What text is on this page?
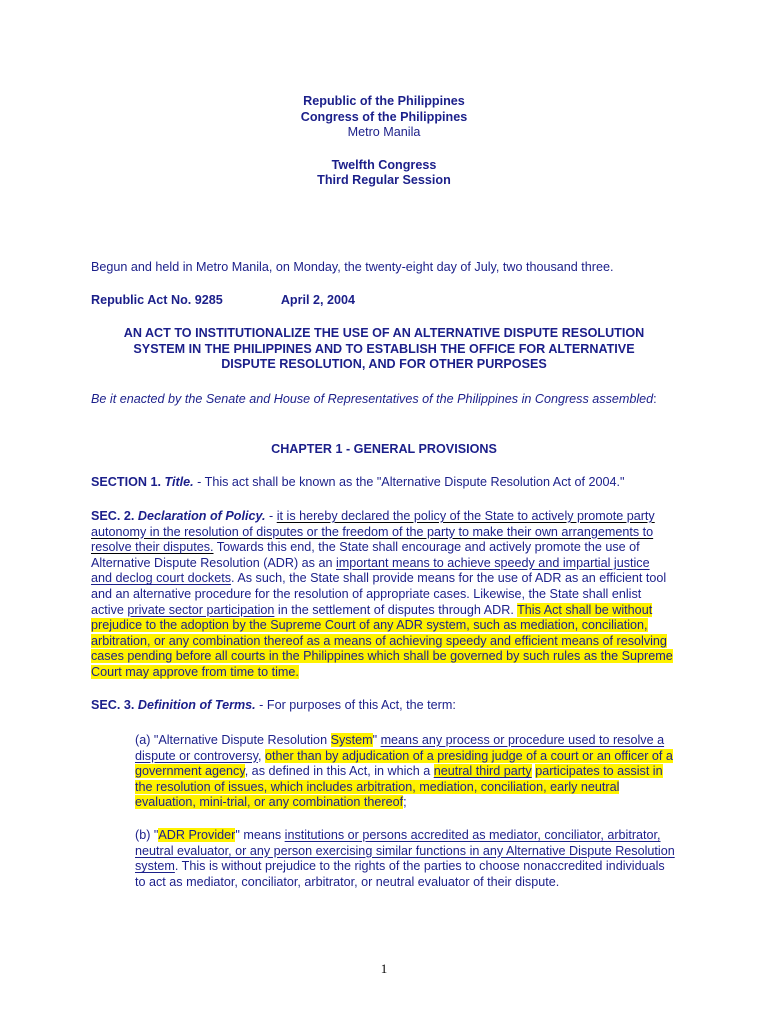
Republic of the Philippines
Congress of the Philippines
Metro Manila
Twelfth Congress
Third Regular Session
Begun and held in Metro Manila, on Monday, the twenty-eight day of July, two thousand three.
Republic Act No. 9285	April 2, 2004
AN ACT TO INSTITUTIONALIZE THE USE OF AN ALTERNATIVE DISPUTE RESOLUTION
SYSTEM IN THE PHILIPPINES AND TO ESTABLISH THE OFFICE FOR ALTERNATIVE
DISPUTE RESOLUTION, AND FOR OTHER PURPOSES
Be it enacted by the Senate and House of Representatives of the Philippines in Congress assembled:
CHAPTER 1 - GENERAL PROVISIONS
SECTION 1. Title. - This act shall be known as the "Alternative Dispute Resolution Act of 2004."
SEC. 2. Declaration of Policy. - it is hereby declared the policy of the State to actively promote party autonomy in the resolution of disputes or the freedom of the party to make their own arrangements to resolve their disputes. Towards this end, the State shall encourage and actively promote the use of Alternative Dispute Resolution (ADR) as an important means to achieve speedy and impartial justice and declog court dockets. As such, the State shall provide means for the use of ADR as an efficient tool and an alternative procedure for the resolution of appropriate cases. Likewise, the State shall enlist active private sector participation in the settlement of disputes through ADR. This Act shall be without prejudice to the adoption by the Supreme Court of any ADR system, such as mediation, conciliation, arbitration, or any combination thereof as a means of achieving speedy and efficient means of resolving cases pending before all courts in the Philippines which shall be governed by such rules as the Supreme Court may approve from time to time.
SEC. 3. Definition of Terms. - For purposes of this Act, the term:
(a) "Alternative Dispute Resolution System" means any process or procedure used to resolve a dispute or controversy, other than by adjudication of a presiding judge of a court or an officer of a government agency, as defined in this Act, in which a neutral third party participates to assist in the resolution of issues, which includes arbitration, mediation, conciliation, early neutral evaluation, mini-trial, or any combination thereof;
(b) "ADR Provider" means institutions or persons accredited as mediator, conciliator, arbitrator, neutral evaluator, or any person exercising similar functions in any Alternative Dispute Resolution system. This is without prejudice to the rights of the parties to choose nonaccredited individuals to act as mediator, conciliator, arbitrator, or neutral evaluator of their dispute.
1
